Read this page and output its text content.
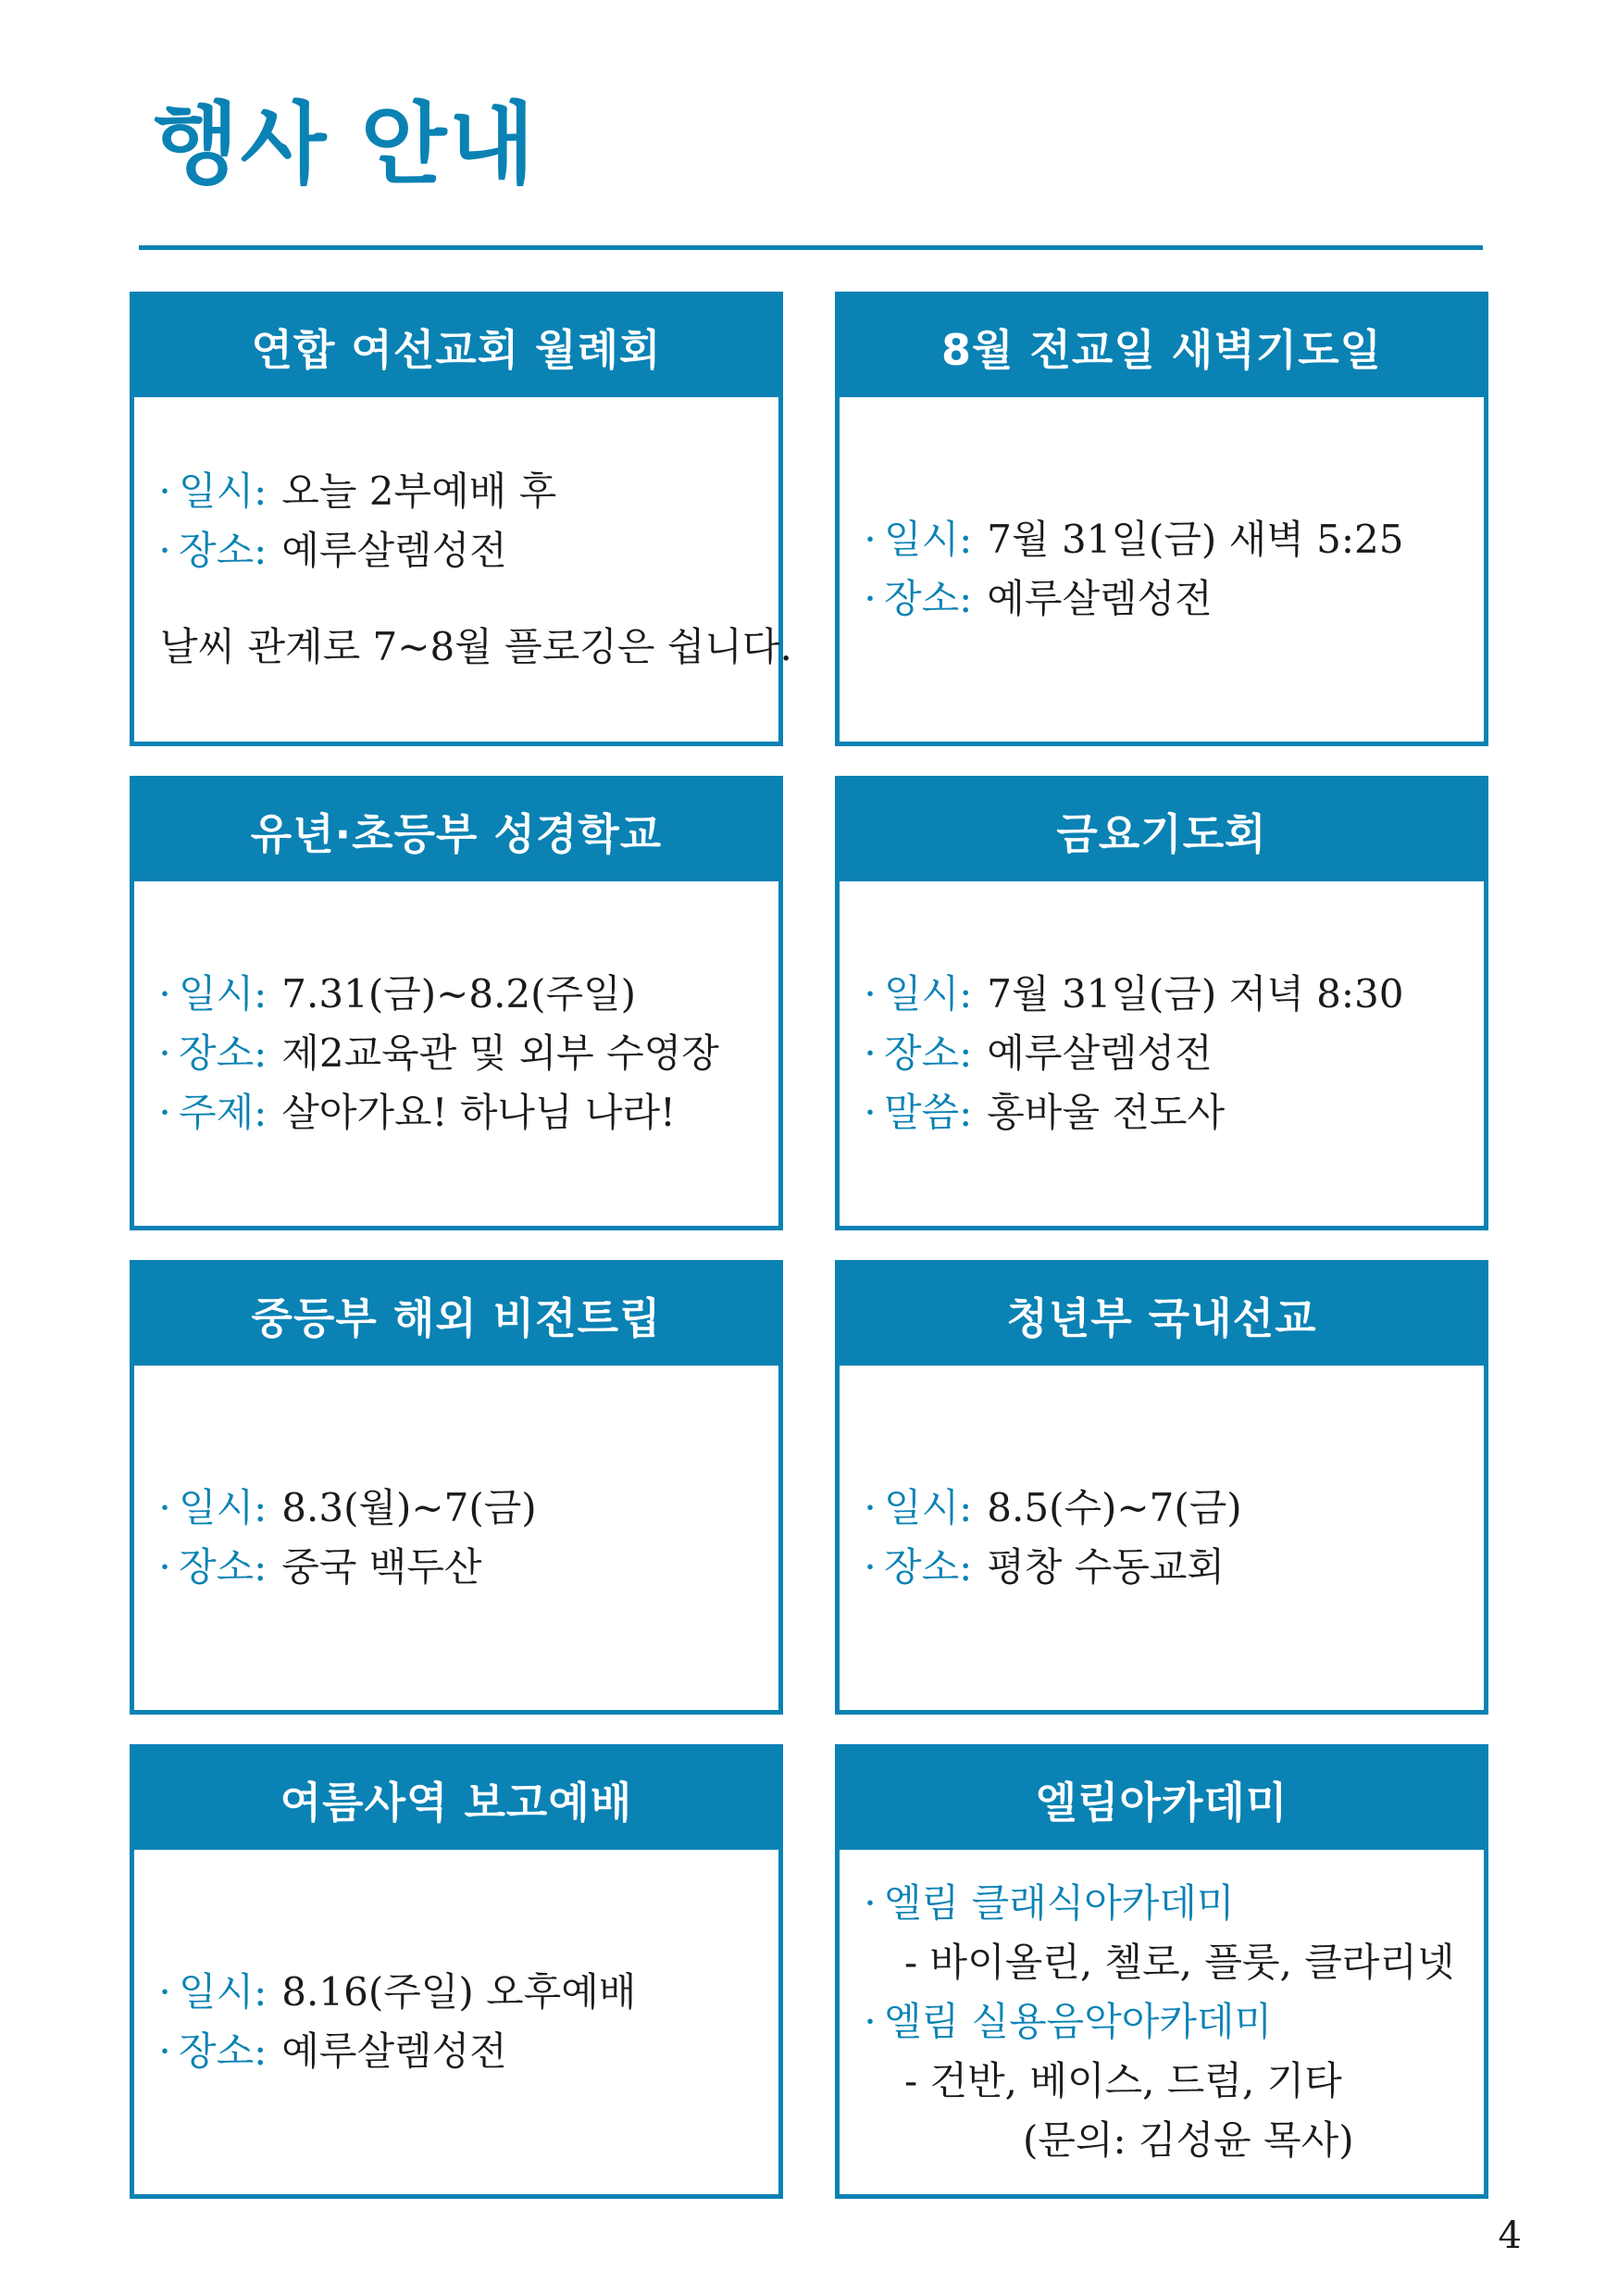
행사 안내
연합 여선교회 월례회
· 일시: 오늘 2부예배 후
· 장소: 예루살렘성전
날씨 관계로 7~8월 플로깅은 쉽니다.
8월 전교일 새벽기도일
· 일시: 7월 31일(금) 새벽 5:25
· 장소: 예루살렘성전
유년·초등부 성경학교
· 일시: 7.31(금)~8.2(주일)
· 장소: 제2교육관 및 외부 수영장
· 주제: 살아가요! 하나님 나라!
금요기도회
· 일시: 7월 31일(금) 저녁 8:30
· 장소: 예루살렘성전
· 말씀: 홍바울 전도사
중등부 해외 비전트립
· 일시: 8.3(월)~7(금)
· 장소: 중국 백두산
청년부 국내선교
· 일시: 8.5(수)~7(금)
· 장소: 평창 수동교회
여름사역 보고예배
· 일시: 8.16(주일) 오후예배
· 장소: 예루살렘성전
엘림아카데미
· 엘림 클래식아카데미
- 바이올린, 첼로, 플룻, 클라리넷
· 엘림 실용음악아카데미
- 건반, 베이스, 드럼, 기타
(문의: 김성윤 목사)
4
